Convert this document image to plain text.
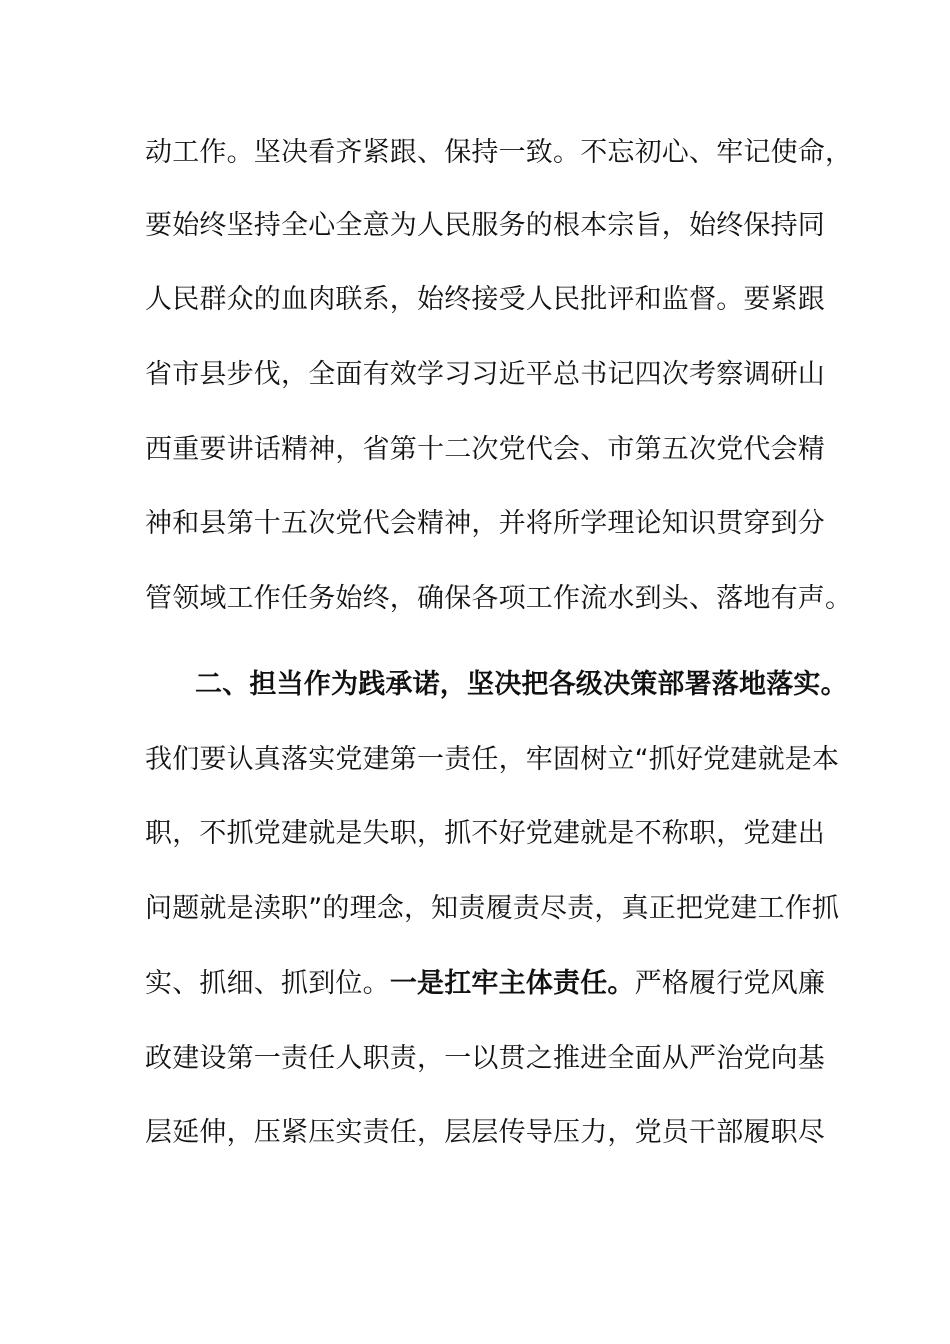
动工作。坚决看齐紧跟、保持一致。不忘初心、牢记使命，
要始终坚持全心全意为人民服务的根本宗旨，始终保持同
人民群众的血肉联系，始终接受人民批评和监督。要紧跟
省市县步伐，全面有效学习习近平总书记四次考察调研山
西重要讲话精神，省第十二次党代会、市第五次党代会精
神和县第十五次党代会精神，并将所学理论知识贯穿到分
管领域工作任务始终，确保各项工作流水到头、落地有声。
二、担当作为践承诺，坚决把各级决策部署落地落实。
我们要认真落实党建第一责任，牢固树立“抓好党建就是本
职，不抓党建就是失职，抓不好党建就是不称职，党建出
问题就是渎职”的理念，知责履责尽责，真正把党建工作抓
实、抓细、抓到位。一是扛牢主体责任。严格履行党风廉
政建设第一责任人职责，一以贯之推进全面从严治党向基
层延伸，压紧压实责任，层层传导压力，党员干部履职尽
